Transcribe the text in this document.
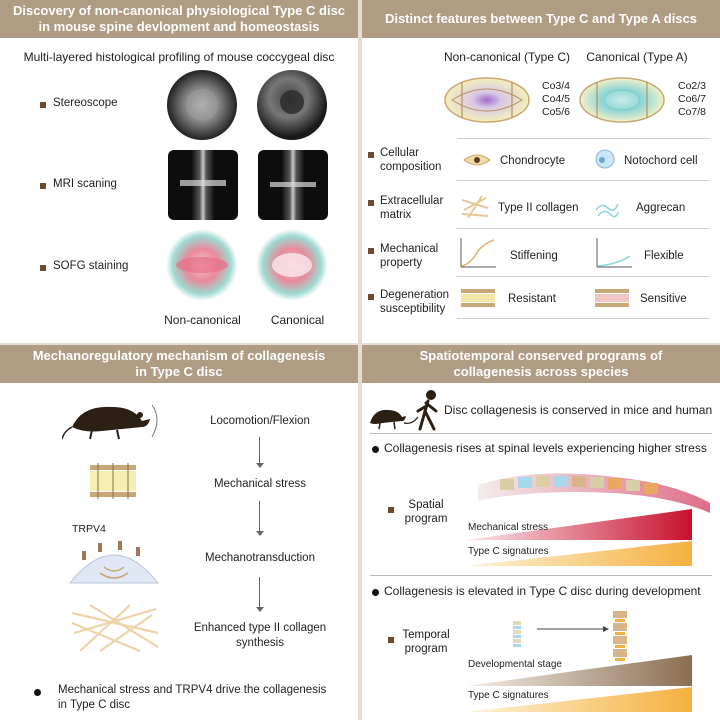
Discovery of non-canonical physiological Type C disc
in mouse spine devlopment and homeostasis
Multi-layered histological profiling of mouse coccygeal disc
Stereoscope
MRI scaning
SOFG staining
Non-canonical	Canonical
Distinct features between Type C and Type A discs
Non-canonical (Type C)	Canonical (Type A)
Co3/4
Co4/5
Co5/6
Co2/3
Co6/7
Co7/8
Cellular
composition	Chondrocyte	Notochord cell
Extracellular
matrix
Type II collagen	Aggrecan
Mechanical
property
Stiffening	Flexible
Degeneration
susceptibility
Resistant	Sensitive
Mechanoregulatory mechanism of collagenesis
in Type C disc
Locomotion/Flexion
Mechanical stress
TRPV4
Mechanotransduction
Enhanced type II collagen
synthesis
Mechanical stress and TRPV4 drive the collagenesis
in Type C disc
Spatiotemporal conserved programs of
collagenesis across species
Disc collagenesis is conserved in mice and human
Collagenesis rises at spinal levels experiencing higher stress
Spatial
program
Mechanical stress
Type C signatures
Collagenesis is elevated in Type C disc during development
Temporal
program
Developmental stage
Type C signatures
